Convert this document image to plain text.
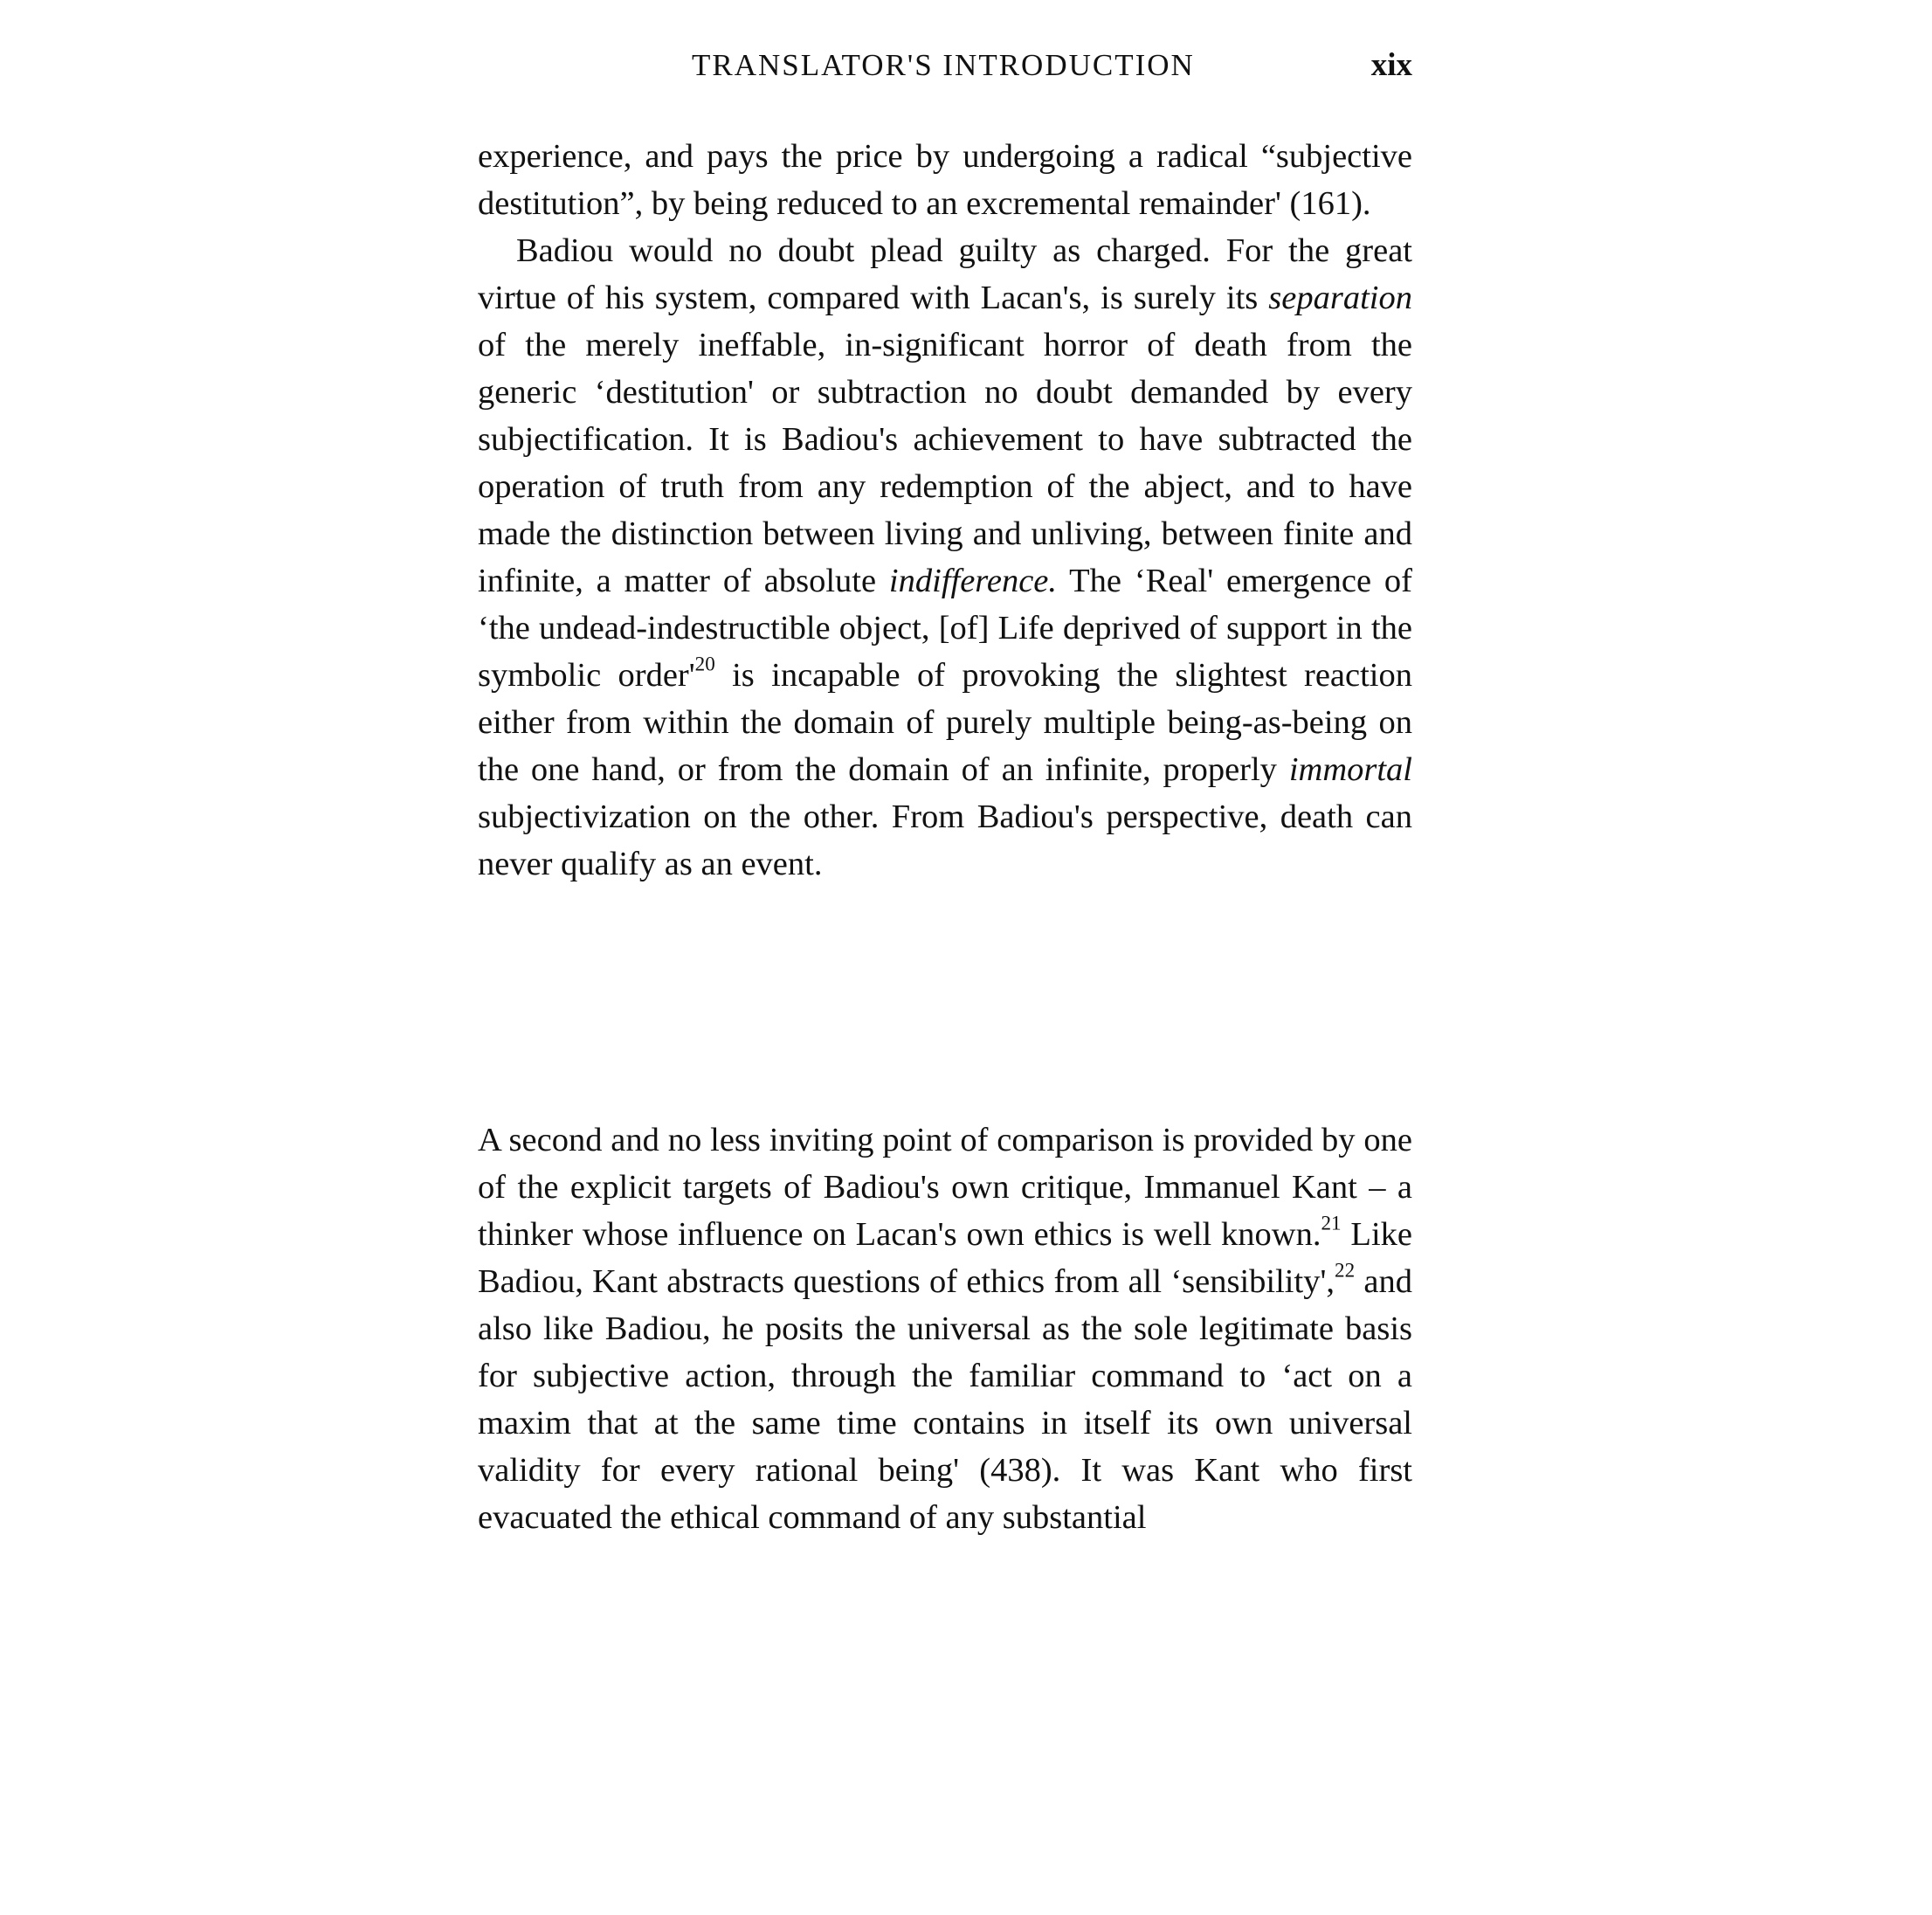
TRANSLATOR'S INTRODUCTION	xix

experience, and pays the price by undergoing a radical “subjective destitution”, by being reduced to an excremental remainder' (161).

Badiou would no doubt plead guilty as charged. For the great virtue of his system, compared with Lacan's, is surely its separation of the merely ineffable, in-significant horror of death from the generic ‘destitution' or subtraction no doubt demanded by every subjectification. It is Badiou's achievement to have subtracted the operation of truth from any redemption of the abject, and to have made the distinction between living and unliving, between finite and infinite, a matter of absolute indifference. The ‘Real' emergence of ‘the undead-indestructible object, [of] Life deprived of support in the symbolic $order'^{20}$ is incapable of provoking the slightest reaction either from within the domain of purely multiple being-as-being on the one hand, or from the domain of an infinite, properly immortal subjectivization on the other. From Badiou's perspective, death can never qualify as an event.

A second and no less inviting point of comparison is provided by one of the explicit targets of Badiou's own critique, Immanuel Kant – a thinker whose influence on Lacan's own ethics is well known.$^{21}$ Like Badiou, Kant abstracts questions of ethics from all ‘sensibility',$^{22}$ and also like Badiou, he posits the universal as the sole legitimate basis for subjective action, through the familiar command to ‘act on a maxim that at the same time contains in itself its own universal validity for every rational being' (438). It was Kant who first evacuated the ethical command of any substantial
